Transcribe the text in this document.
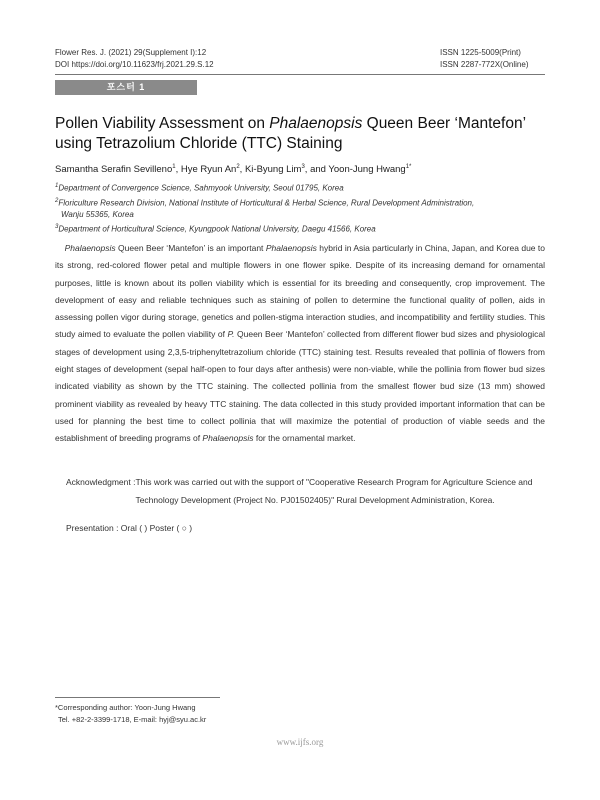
Flower Res. J. (2021) 29(Supplement I):12
DOI https://doi.org/10.11623/frj.2021.29.S.12
ISSN 1225-5009(Print)
ISSN 2287-772X(Online)
포스터 1
Pollen Viability Assessment on Phalaenopsis Queen Beer ‘Mantefon’
using Tetrazolium Chloride (TTC) Staining
Samantha Serafin Sevilleno$^1$, Hye Ryun An$^2$, Ki-Byung Lim$^3$, and Yoon-Jung Hwang$^{1*}$
$^1$Department of Convergence Science, Sahmyook University, Seoul 01795, Korea
$^2$Floriculture Research Division, National Institute of Horticultural & Herbal Science, Rural Development Administration,
Wanju 55365, Korea
$^3$Department of Horticultural Science, Kyungpook National University, Daegu 41566, Korea

Phalaenopsis Queen Beer ‘Mantefon’ is an important Phalaenopsis hybrid in Asia particularly in China, Japan, and Korea due to its strong, red-colored flower petal and multiple flowers in one flower spike. Despite of its increasing demand for ornamental purposes, little is known about its pollen viability which is essential for its breeding and consequently, crop improvement. The development of easy and reliable techniques such as staining of pollen to determine the functional quality of pollen, aids in assessing pollen vigor during storage, genetics and pollen-stigma interaction studies, and incompatibility and fertility studies. This study aimed to evaluate the pollen viability of P. Queen Beer ‘Mantefon’ collected from different flower bud sizes and physiological stages of development using 2,3,5-triphenyltetrazolium chloride (TTC) staining test. Results revealed that pollinia of flowers from eight stages of development (sepal half-open to four days after anthesis) were non-viable, while the pollinia from flower bud sizes indicated viability as shown by the TTC staining. The collected pollinia from the smallest flower bud size (13 mm) showed prominent viability as revealed by heavy TTC staining. The data collected in this study provided important information that can be used for planning the best time to collect pollinia that will maximize the potential of production of viable seeds and the establishment of breeding programs of Phalaenopsis for the ornamental market.

Acknowledgment : This work was carried out with the support of "Cooperative Research Program for Agriculture Science and Technology Development (Project No. PJ01502405)" Rural Development Administration, Korea.
Presentation : Oral ( ) Poster ( ○ )
*Corresponding author: Yoon-Jung Hwang
Tel. +82-2-3399-1718, E-mail: hyj@syu.ac.kr
www.ijfs.org
